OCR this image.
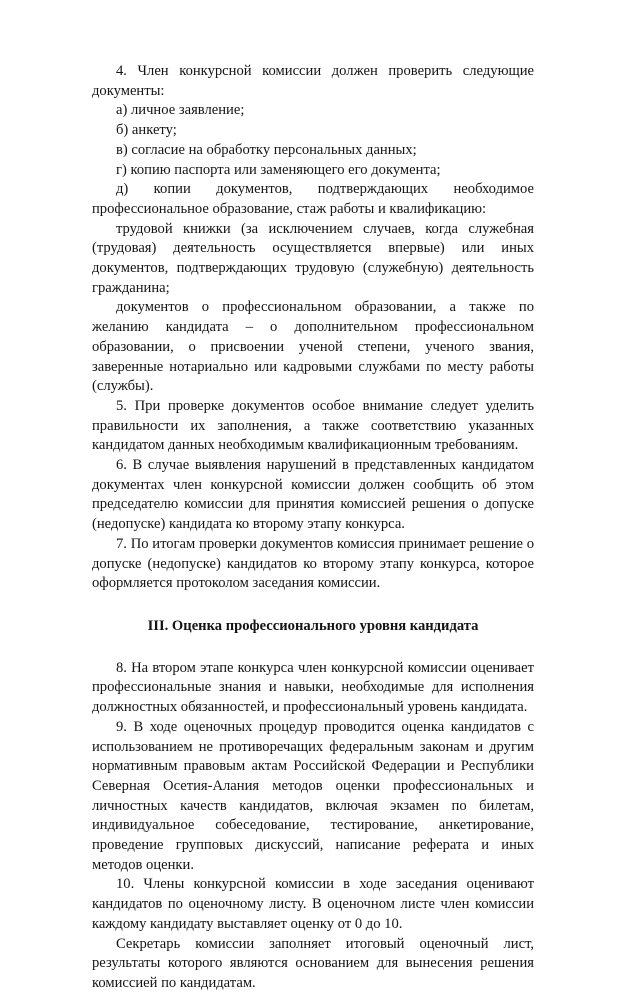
4. Член конкурсной комиссии должен проверить следующие документы:

а) личное заявление;

б) анкету;

в) согласие на обработку персональных данных;

г) копию паспорта или заменяющего его документа;

д) копии документов, подтверждающих необходимое профессиональное образование, стаж работы и квалификацию:

трудовой книжки (за исключением случаев, когда служебная (трудовая) деятельность осуществляется впервые) или иных документов, подтверждающих трудовую (служебную) деятельность гражданина;

документов о профессиональном образовании, а также по желанию кандидата – о дополнительном профессиональном образовании, о присвоении ученой степени, ученого звания, заверенные нотариально или кадровыми службами по месту работы (службы).

5. При проверке документов особое внимание следует уделить правильности их заполнения, а также соответствию указанных кандидатом данных необходимым квалификационным требованиям.

6. В случае выявления нарушений в представленных кандидатом документах член конкурсной комиссии должен сообщить об этом председателю комиссии для принятия комиссией решения о допуске (недопуске) кандидата ко второму этапу конкурса.

7. По итогам проверки документов комиссия принимает решение о допуске (недопуске) кандидатов ко второму этапу конкурса, которое оформляется протоколом заседания комиссии.

III. Оценка профессионального уровня кандидата

8. На втором этапе конкурса член конкурсной комиссии оценивает профессиональные знания и навыки, необходимые для исполнения должностных обязанностей, и профессиональный уровень кандидата.

9. В ходе оценочных процедур проводится оценка кандидатов с использованием не противоречащих федеральным законам и другим нормативным правовым актам Российской Федерации и Республики Северная Осетия-Алания методов оценки профессиональных и личностных качеств кандидатов, включая экзамен по билетам, индивидуальное собеседование, тестирование, анкетирование, проведение групповых дискуссий, написание реферата и иных методов оценки.

10. Члены конкурсной комиссии в ходе заседания оценивают кандидатов по оценочному листу. В оценочном листе член комиссии каждому кандидату выставляет оценку от 0 до 10.

Секретарь комиссии заполняет итоговый оценочный лист, результаты которого являются основанием для вынесения решения комиссией по кандидатам.
